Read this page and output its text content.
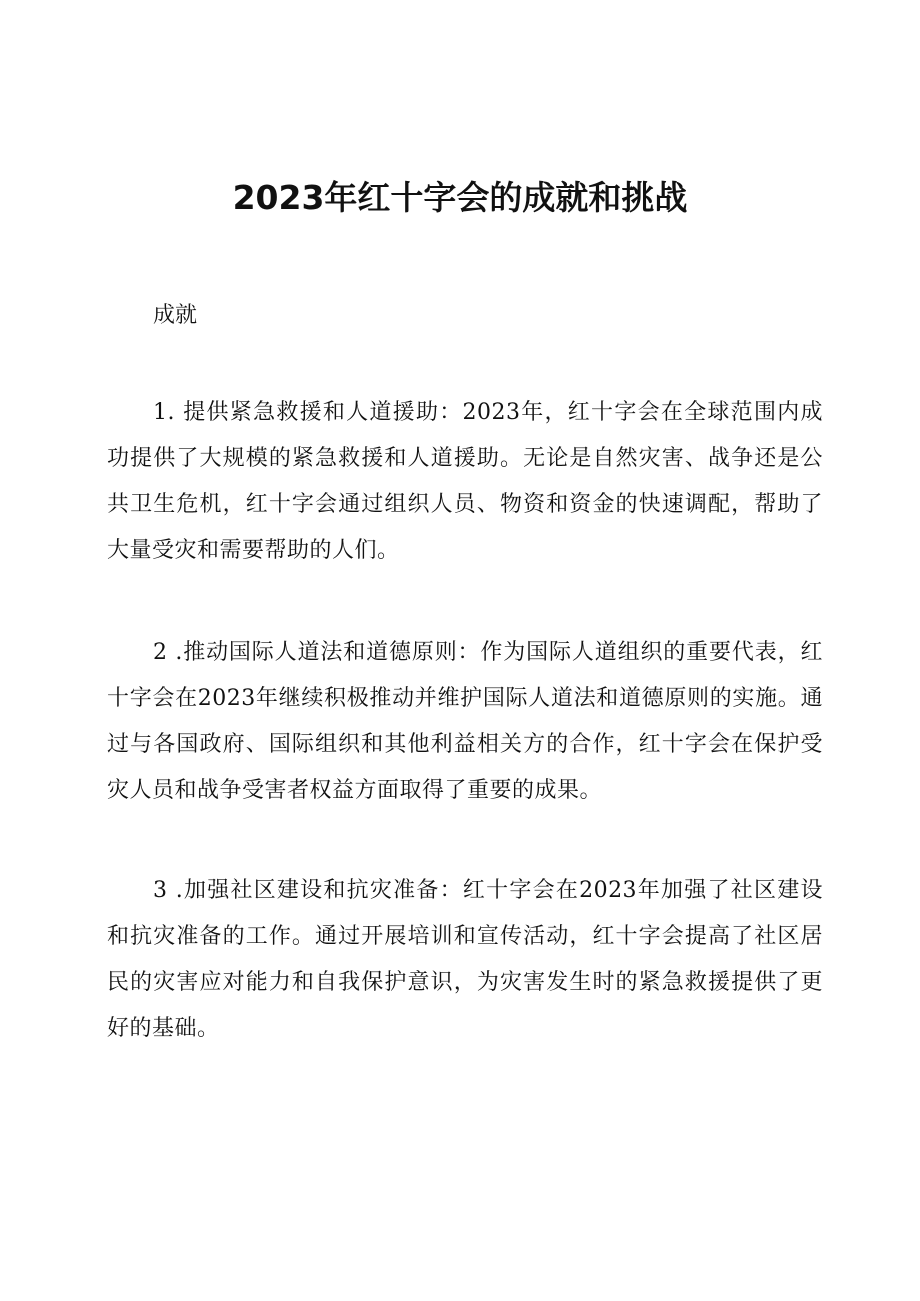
2023年红十字会的成就和挑战

成就

1. 提供紧急救援和人道援助：2023年，红十字会在全球范围内成功提供了大规模的紧急救援和人道援助。无论是自然灾害、战争还是公共卫生危机，红十字会通过组织人员、物资和资金的快速调配，帮助了大量受灾和需要帮助的人们。

2 .推动国际人道法和道德原则：作为国际人道组织的重要代表，红十字会在2023年继续积极推动并维护国际人道法和道德原则的实施。通过与各国政府、国际组织和其他利益相关方的合作，红十字会在保护受灾人员和战争受害者权益方面取得了重要的成果。

3 .加强社区建设和抗灾准备：红十字会在2023年加强了社区建设和抗灾准备的工作。通过开展培训和宣传活动，红十字会提高了社区居民的灾害应对能力和自我保护意识，为灾害发生时的紧急救援提供了更好的基础。
